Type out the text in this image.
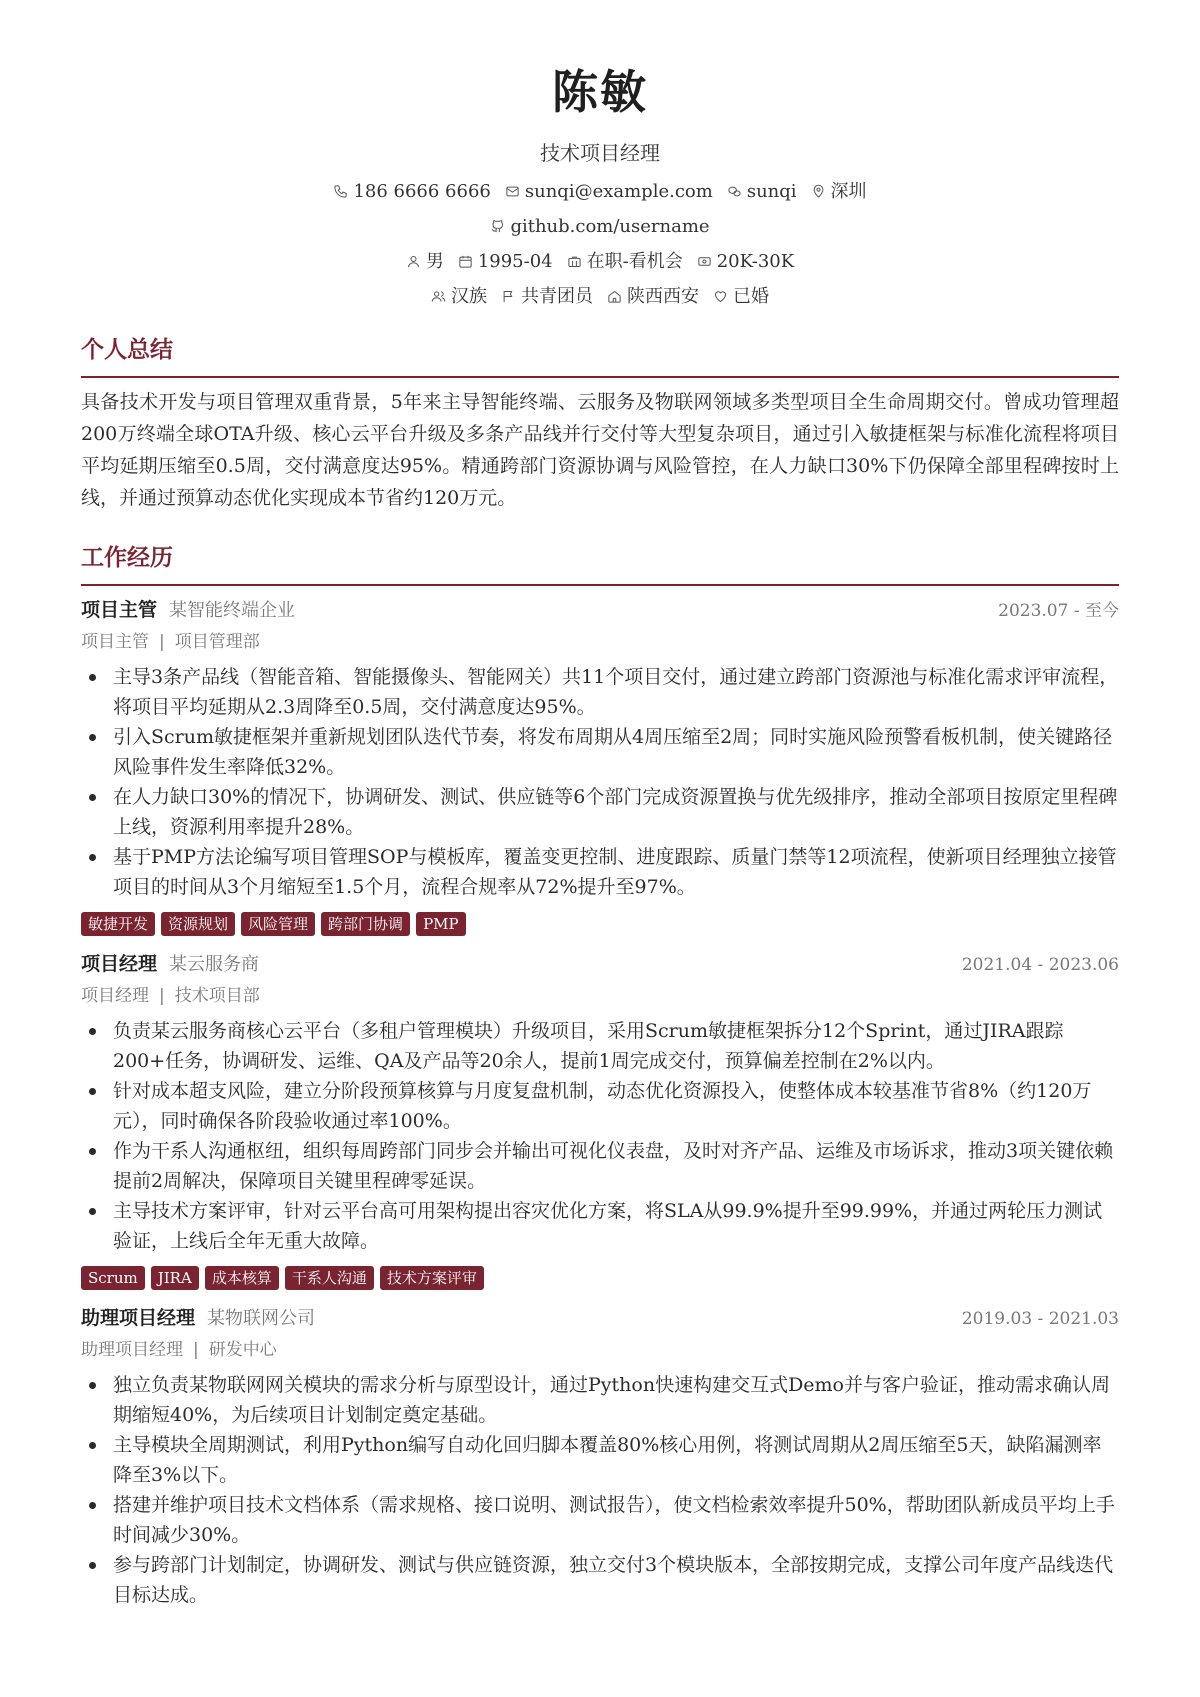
陈敏
技术项目经理
186 6666 6666 sunqi@example.com sunqi 深圳
github.com/username
男 1995-04 在职-看机会 20K-30K
汉族 共青团员 陕西西安 已婚
个人总结

具备技术开发与项目管理双重背景，5年来主导智能终端、云服务及物联网领域多类型项目全生命周期交付。曾成功管理超200万终端全球OTA升级、核心云平台升级及多条产品线并行交付等大型复杂项目，通过引入敏捷框架与标准化流程将项目平均延期压缩至0.5周，交付满意度达95%。精通跨部门资源协调与风险管控，在人力缺口30%下仍保障全部里程碑按时上线，并通过预算动态优化实现成本节省约120万元。

工作经历
项目主管 某智能终端企业	2023.07 - 至今
项目主管 | 项目管理部
主导3条产品线（智能音箱、智能摄像头、智能网关）共11个项目交付，通过建立跨部门资源池与标准化需求评审流程，将项目平均延期从2.3周降至0.5周，交付满意度达95%。
引入Scrum敏捷框架并重新规划团队迭代节奏，将发布周期从4周压缩至2周；同时实施风险预警看板机制，使关键路径风险事件发生率降低32%。
在人力缺口30%的情况下，协调研发、测试、供应链等6个部门完成资源置换与优先级排序，推动全部项目按原定里程碑上线，资源利用率提升28%。
基于PMP方法论编写项目管理SOP与模板库，覆盖变更控制、进度跟踪、质量门禁等12项流程，使新项目经理独立接管项目的时间从3个月缩短至1.5个月，流程合规率从72%提升至97%。
敏捷开发	资源规划	风险管理	跨部门协调	PMP
项目经理 某云服务商	2021.04 - 2023.06
项目经理 | 技术项目部
负责某云服务商核心云平台（多租户管理模块）升级项目，采用Scrum敏捷框架拆分12个Sprint，通过JIRA跟踪200+任务，协调研发、运维、QA及产品等20余人，提前1周完成交付，预算偏差控制在2%以内。
针对成本超支风险，建立分阶段预算核算与月度复盘机制，动态优化资源投入，使整体成本较基准节省8%（约120万元），同时确保各阶段验收通过率100%。
作为干系人沟通枢纽，组织每周跨部门同步会并输出可视化仪表盘，及时对齐产品、运维及市场诉求，推动3项关键依赖提前2周解决，保障项目关键里程碑零延误。
主导技术方案评审，针对云平台高可用架构提出容灾优化方案，将SLA从99.9%提升至99.99%，并通过两轮压力测试验证，上线后全年无重大故障。
Scrum	JIRA	成本核算	干系人沟通	技术方案评审
助理项目经理 某物联网公司	2019.03 - 2021.03
助理项目经理 | 研发中心
独立负责某物联网网关模块的需求分析与原型设计，通过Python快速构建交互式Demo并与客户验证，推动需求确认周期缩短40%，为后续项目计划制定奠定基础。
主导模块全周期测试，利用Python编写自动化回归脚本覆盖80%核心用例，将测试周期从2周压缩至5天，缺陷漏测率降至3%以下。
搭建并维护项目技术文档体系（需求规格、接口说明、测试报告），使文档检索效率提升50%，帮助团队新成员平均上手时间减少30%。
参与跨部门计划制定，协调研发、测试与供应链资源，独立交付3个模块版本，全部按期完成，支撑公司年度产品线迭代目标达成。
